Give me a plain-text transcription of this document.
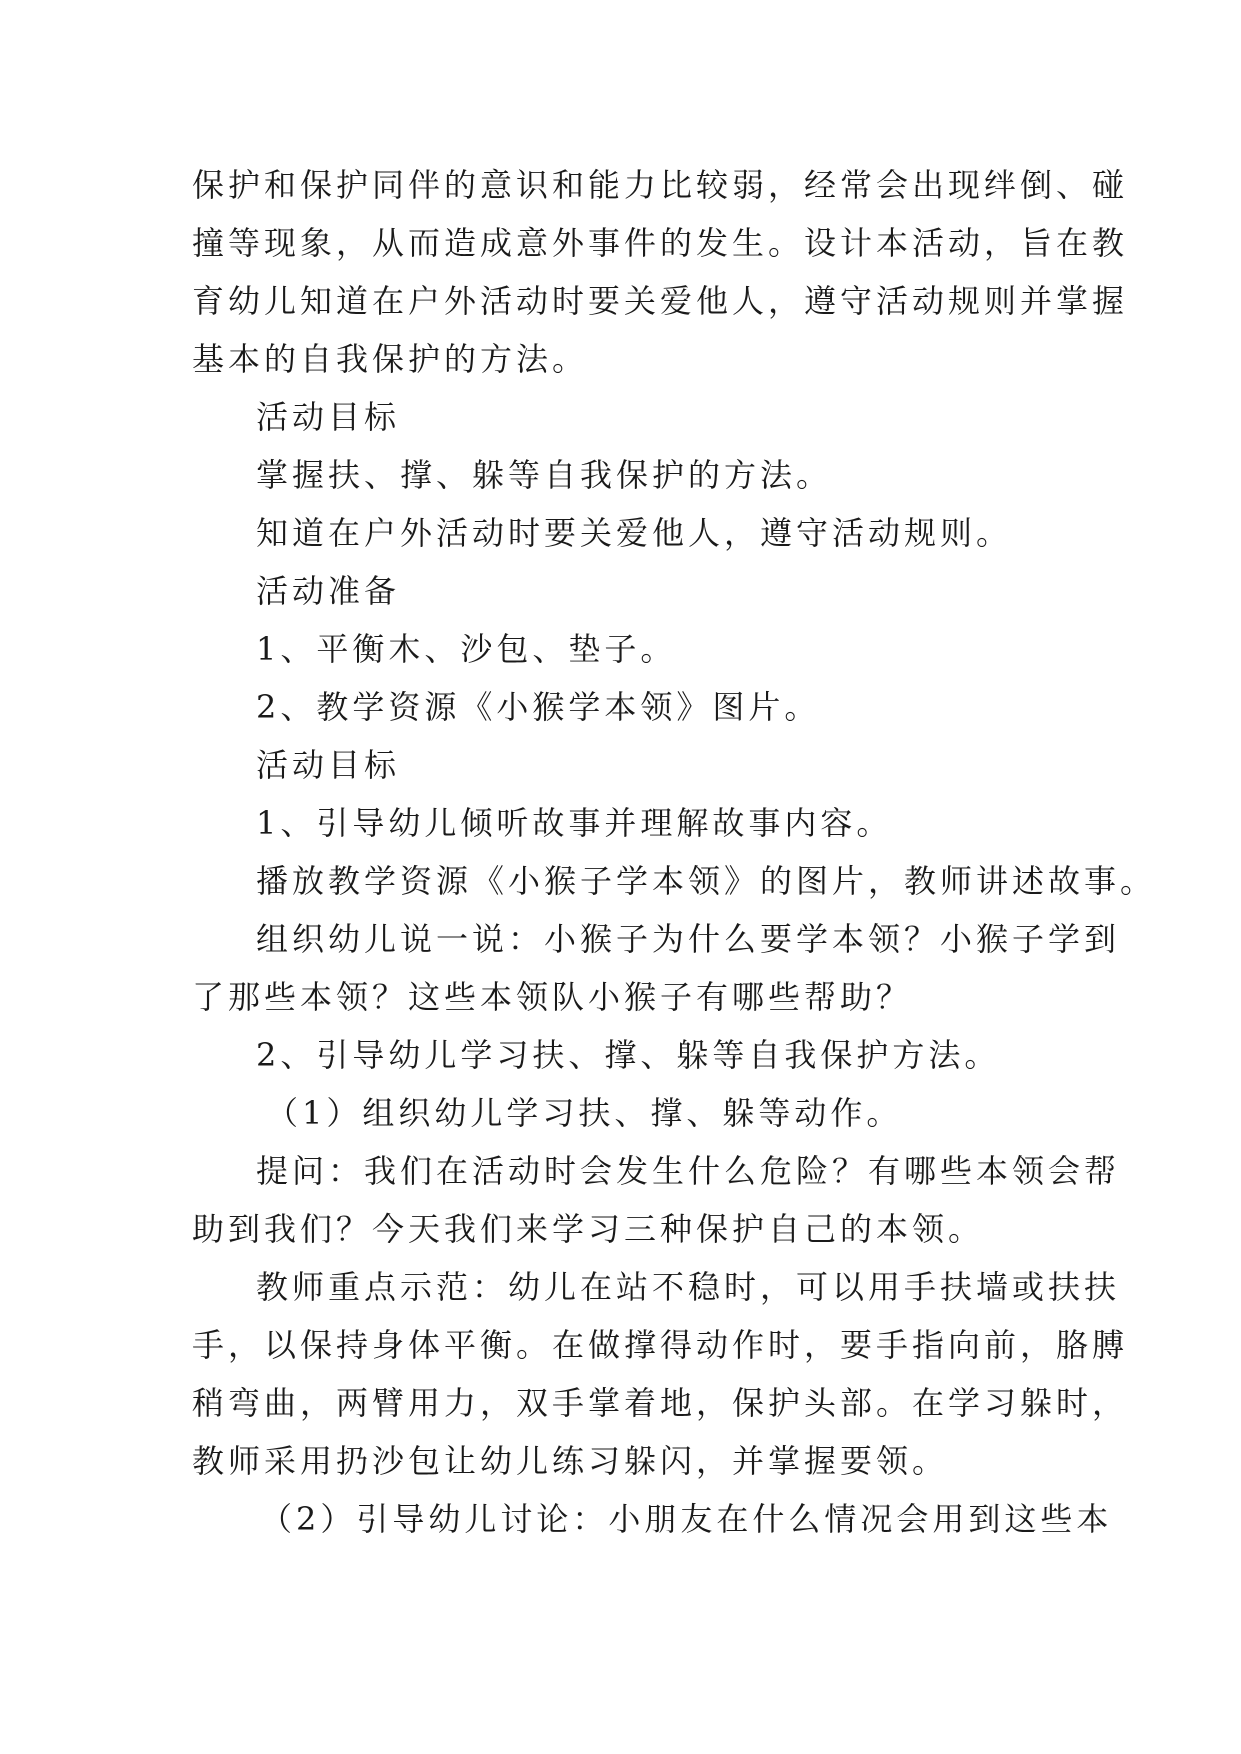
保护和保护同伴的意识和能力比较弱，经常会出现绊倒、碰
撞等现象，从而造成意外事件的发生。设计本活动，旨在教
育幼儿知道在户外活动时要关爱他人，遵守活动规则并掌握
基本的自我保护的方法。
活动目标
掌握扶、撑、躲等自我保护的方法。
知道在户外活动时要关爱他人，遵守活动规则。
活动准备
1、平衡木、沙包、垫子。
2、教学资源《小猴学本领》图片。
活动目标
1、引导幼儿倾听故事并理解故事内容。
播放教学资源《小猴子学本领》的图片，教师讲述故事。
组织幼儿说一说：小猴子为什么要学本领？小猴子学到
了那些本领？这些本领队小猴子有哪些帮助？
2、引导幼儿学习扶、撑、躲等自我保护方法。
（1）组织幼儿学习扶、撑、躲等动作。
提问：我们在活动时会发生什么危险？有哪些本领会帮
助到我们？今天我们来学习三种保护自己的本领。
教师重点示范：幼儿在站不稳时，可以用手扶墙或扶扶
手，以保持身体平衡。在做撑得动作时，要手指向前，胳膊
稍弯曲，两臂用力，双手掌着地，保护头部。在学习躲时，
教师采用扔沙包让幼儿练习躲闪，并掌握要领。
（2）引导幼儿讨论：小朋友在什么情况会用到这些本
